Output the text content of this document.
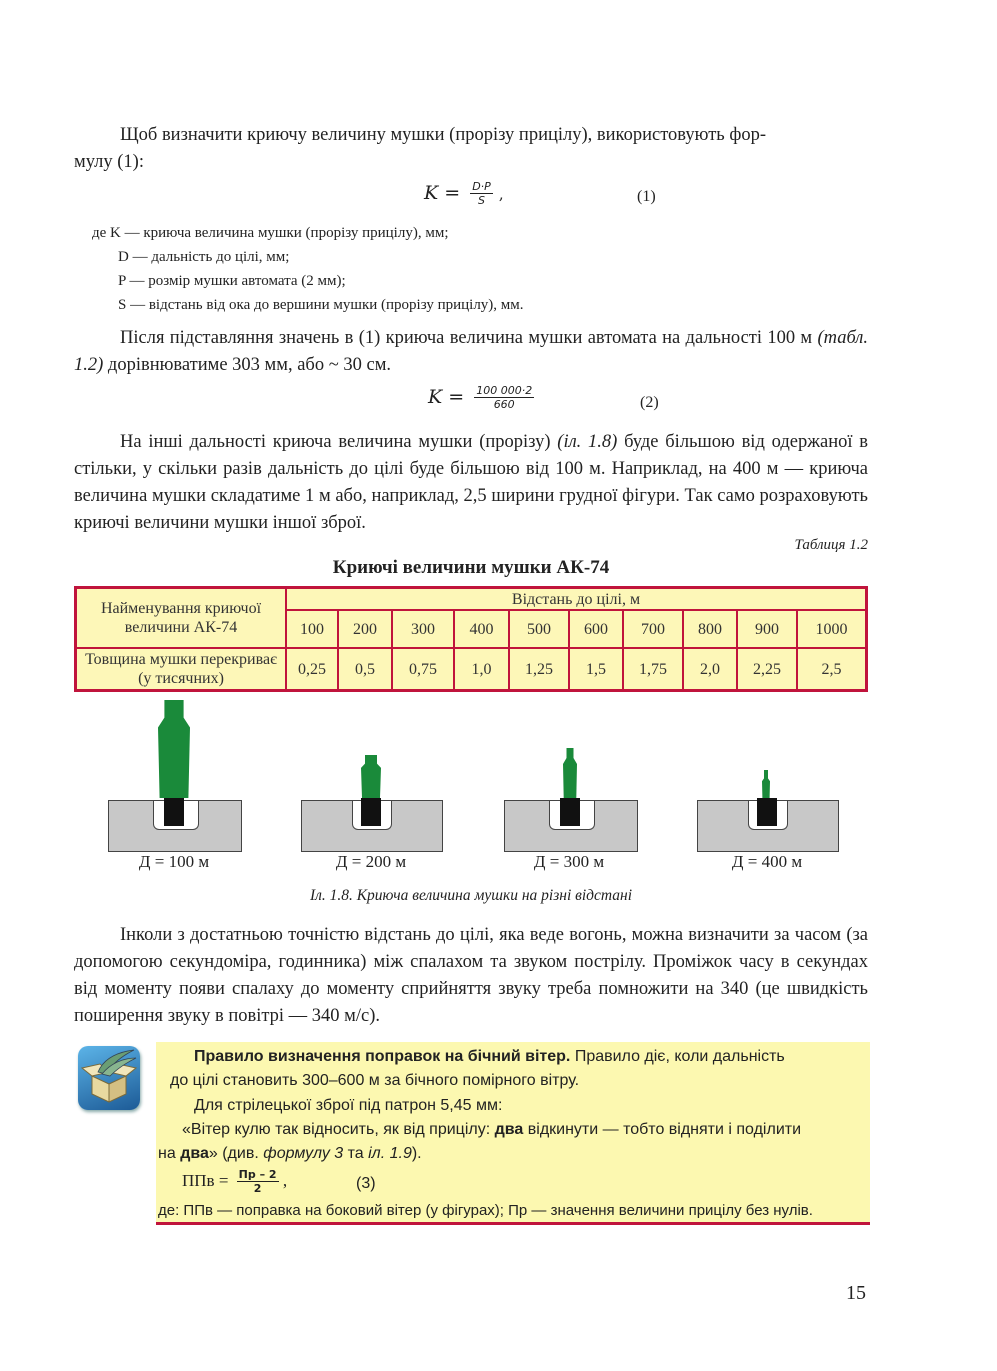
Щоб визначити криючу величину мушки (прорізу прицілу), використовують фор-
мулу (1):

$K = \frac{D\cdot P}{S}$ ,	(1)
де K — криюча величина мушки (прорізу прицілу), мм;
D — дальність до цілі, мм;
P — розмір мушки автомата (2 мм);
S — відстань від ока до вершини мушки (прорізу прицілу), мм.

Після підставляння значень в (1) криюча величина мушки автомата на дальності 100 м (табл. 1.2) дорівнюватиме 303 мм, або ~ 30 см.

$K = \frac{100 000\cdot 2}{660}$	(2)

На інші дальності криюча величина мушки (прорізу) (іл. 1.8) буде більшою від одержаної в стільки, у скільки разів дальність до цілі буде більшою від 100 м. Наприклад, на 400 м — криюча величина мушки складатиме 1 м або, наприклад, 2,5 ширини грудної фігури. Так само розраховують криючі величини мушки іншої зброї.

Таблиця 1.2
Криючі величини мушки АК-74
Найменування криючої величини АК-74	Відстань до цілі, м									
	100	200	300	400	500	600	700	800	900	1000
Товщина мушки перекриває (у тисячних)	0,25	0,5	0,75	1,0	1,25	1,5	1,75	2,0	2,25	2,5
Д = 100 м	Д = 200 м	Д = 300 м	Д = 400 м
Іл. 1.8. Криюча величина мушки на різні відстані

Інколи з достатньою точністю відстань до цілі, яка веде вогонь, можна визначити за часом (за допомогою секундоміра, годинника) між спалахом та звуком пострілу. Проміжок часу в секундах від моменту появи спалаху до моменту сприйняття звуку треба помножити на 340 (це швидкість поширення звуку в повітрі — 340 м/с).

Правило визначення поправок на бічний вітер. Правило діє, коли дальність
до цілі становить 300–600 м за бічного помірного вітру.
Для стрілецької зброї під патрон 5,45 мм:
«Вітер кулю так відносить, як від прицілу: два відкинути — тобто відняти і поділити
на два» (див. формулу 3 та іл. 1.9).
ППв = $\frac{Пр - 2}{2}$ ,	(3)
де: ППв — поправка на боковий вітер (у фігурах); Пр — значення величини прицілу без нулів.
15
